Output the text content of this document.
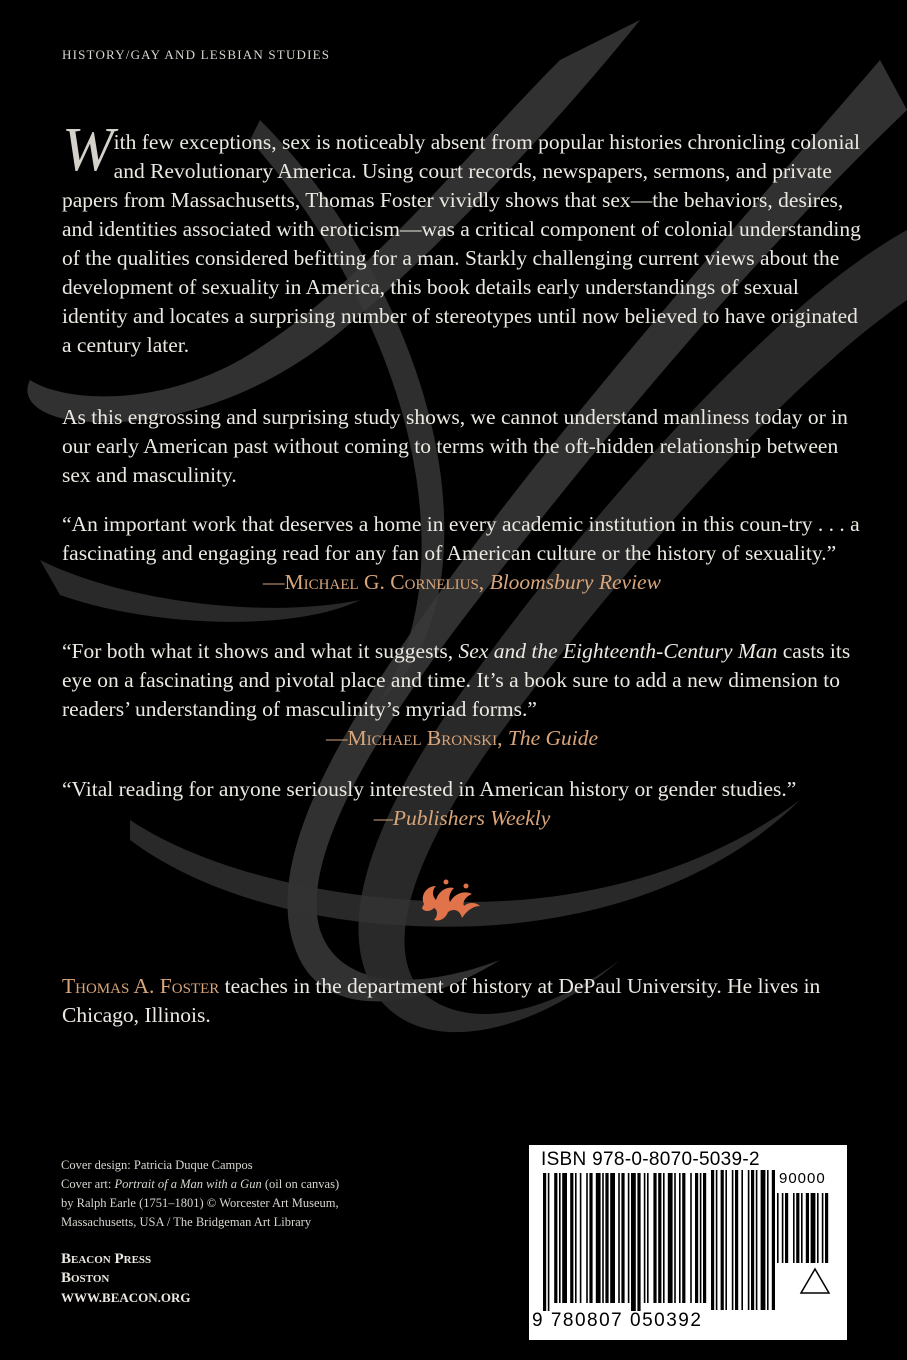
HISTORY/GAY AND LESBIAN STUDIES
With few exceptions, sex is noticeably absent from popular histories chronicling colonial and Revolutionary America. Using court records, newspapers, sermons, and private papers from Massachusetts, Thomas Foster vividly shows that sex—the behaviors, desires, and identities associated with eroticism—was a critical component of colonial understanding of the qualities considered befitting for a man. Starkly challenging current views about the development of sexuality in America, this book details early understandings of sexual identity and locates a surprising number of stereotypes until now believed to have originated a century later.
As this engrossing and surprising study shows, we cannot understand manliness today or in our early American past without coming to terms with the oft-hidden relationship between sex and masculinity.
“An important work that deserves a home in every academic institution in this coun-try . . . a fascinating and engaging read for any fan of American culture or the history of sexuality.”
—Michael G. Cornelius, Bloomsbury Review
“For both what it shows and what it suggests, Sex and the Eighteenth-Century Man casts its eye on a fascinating and pivotal place and time. It’s a book sure to add a new dimension to readers’ understanding of masculinity’s myriad forms.”
—Michael Bronski, The Guide
“Vital reading for anyone seriously interested in American history or gender studies.”
—Publishers Weekly
Thomas A. Foster teaches in the department of history at DePaul University. He lives in Chicago, Illinois.
Cover design: Patricia Duque Campos
Cover art: Portrait of a Man with a Gun (oil on canvas)
by Ralph Earle (1751–1801) © Worcester Art Museum,
Massachusetts, USA / The Bridgeman Art Library
Beacon Press
Boston
WWW.BEACON.ORG
ISBN 978-0-8070-5039-2
90000
9 780807 050392
